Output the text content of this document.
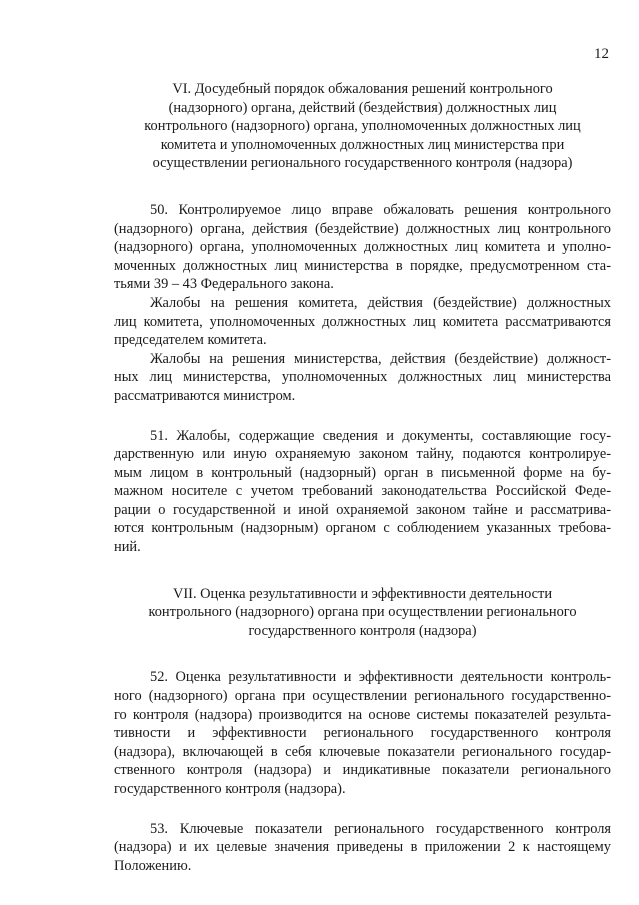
12
VI. Досудебный порядок обжалования решений контрольного
(надзорного) органа, действий (бездействия) должностных лиц
контрольного (надзорного) органа, уполномоченных должностных лиц
комитета и уполномоченных должностных лиц министерства при
осуществлении регионального государственного контроля (надзора)
50. Контролируемое лицо вправе обжаловать решения контрольного
(надзорного) органа, действия (бездействие) должностных лиц контрольного
(надзорного) органа, уполномоченных должностных лиц комитета и уполно-
моченных должностных лиц министерства в порядке, предусмотренном ста-
тьями 39 – 43 Федерального закона.
Жалобы на решения комитета, действия (бездействие) должностных
лиц комитета, уполномоченных должностных лиц комитета рассматриваются
председателем комитета.
Жалобы на решения министерства, действия (бездействие) должност-
ных лиц министерства, уполномоченных должностных лиц министерства
рассматриваются министром.
51. Жалобы, содержащие сведения и документы, составляющие госу-
дарственную или иную охраняемую законом тайну, подаются контролируе-
мым лицом в контрольный (надзорный) орган в письменной форме на бу-
мажном носителе с учетом требований законодательства Российской Феде-
рации о государственной и иной охраняемой законом тайне и рассматрива-
ются контрольным (надзорным) органом с соблюдением указанных требова-
ний.
VII. Оценка результативности и эффективности деятельности
контрольного (надзорного) органа при осуществлении регионального
государственного контроля (надзора)
52. Оценка результативности и эффективности деятельности контроль-
ного (надзорного) органа при осуществлении регионального государственно-
го контроля (надзора) производится на основе системы показателей результа-
тивности и эффективности регионального государственного контроля
(надзора), включающей в себя ключевые показатели регионального государ-
ственного контроля (надзора) и индикативные показатели регионального
государственного контроля (надзора).
53. Ключевые показатели регионального государственного контроля
(надзора) и их целевые значения приведены в приложении 2 к настоящему
Положению.
